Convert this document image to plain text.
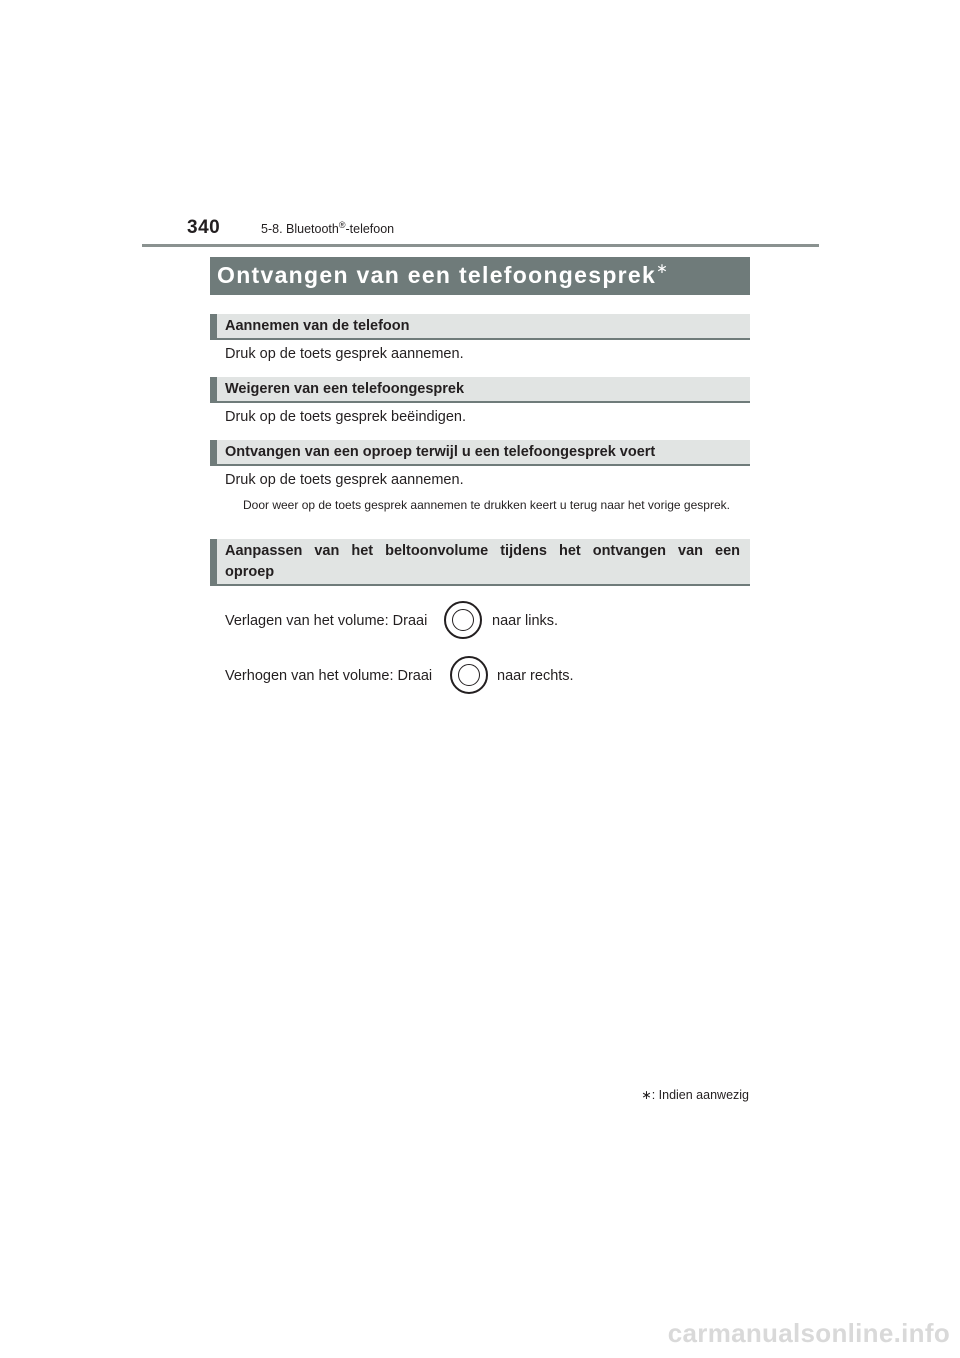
340	5-8. Bluetooth®-telefoon
Ontvangen van een telefoongesprek∗
Aannemen van de telefoon
Druk op de toets gesprek aannemen.
Weigeren van een telefoongesprek
Druk op de toets gesprek beëindigen.
Ontvangen van een oproep terwijl u een telefoongesprek voert
Druk op de toets gesprek aannemen.
Door weer op de toets gesprek aannemen te drukken keert u terug naar het vorige gesprek.
Aanpassen van het beltoonvolume tijdens het ontvangen van een
oproep
Verlagen van het volume: Draai	naar links.
Verhogen van het volume: Draai	naar rechts.
∗: Indien aanwezig
carmanualsonline.info
